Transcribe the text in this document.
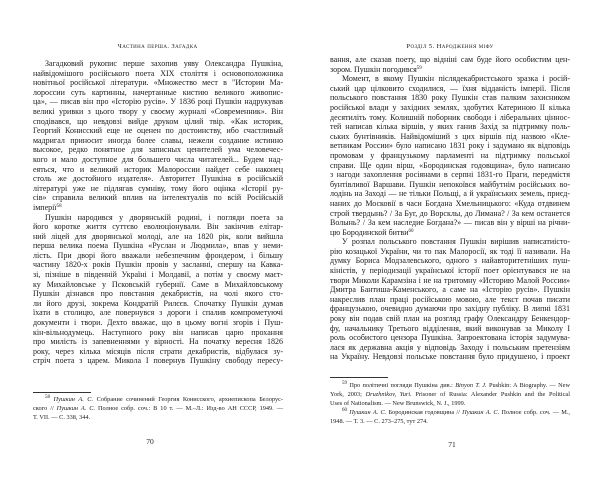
Частина перша. Загадка
Загадковий рукопис перше захопив уяву Олександра Пушкіна,
найвідомішого російського поета XIX століття і основоположника
новітньої російської літератури. «Множество мест в "Истории Ма-
лороссии суть картинны, начертанные кистию великого живопис-
ца», — писав він про «Історію русів». У 1836 році Пушкін надрукував
великі уривки з цього твору у своєму журналі «Современник». Він
сподівався, що невдовзі вийде друком цілий твір. «Как историк,
Георгий Конисский еще не оценен по достоинству, ибо счастливый
мадригал приносит иногда более славы, нежели создание истинно
высокое, редко понятное для записных ценителей ума человечес-
кого и мало доступное для большего числа читателей... Будем над-
еяться, что и великий историк Малороссии найдет себе наконец
столь же достойного издателя». Авторитет Пушкіна в російській
літературі уже не підлягав сумніву, тому його оцінка «Історії ру-
сів» справила великий вплив на інтелектуалів по всій Російській
імперії$^{58}$
Пушкін народився у дворянській родині, і погляди поета за
його коротке життя суттєво еволюціонували. Він закінчив елітар-
ний ліцей для дворянської молоді, але на 1820 рік, коли вийшла
перша велика поема Пушкіна «Руслан и Людмила», впав у неми-
лість. При дворі його вважали небезпечним фрондером, і більшу
частину 1820-х років Пушкін провів у засланні, спершу на Кавка-
зі, пізніше в південній Україні і Молдавії, а потім у своєму маєт-
ку Михайловське у Псковській губернії. Саме в Михайловському
Пушкін дізнався про повстання декабристів, на чолі якого сто-
ли його друзі, зокрема Кондратій Рилєєв. Спочатку Пушкін думав
їхати в столицю, але повернувся з дороги і спалив компрометуючі
документи і твори. Дехто вважає, що в цьому вогні згорів і Пуш-
кін-вільнодумець. Наступного року він написав царю прохання
про милість із запевненнями у вірності. На початку вересня 1826
року, через кілька місяців після страти декабристів, відбулася зу-
стріч поета з царем. Микола I повернув Пушкіну свободу пересу-
$^{58}$ Пушкин А. С. Собрание сочинений Георгия Конисского, архиепископа Белорус-
ского // Пушкин А. С. Полное собр. соч.: В 10 т. — М.–Л.: Изд-во АН СССР, 1949. —
Т. VII. — С. 338, 344.
70
Розділ 5. Народження міфу
вання, але сказав поету, що відніні сам буде його особистим цен-
зором. Пушкін погодився$^{59}$
Момент, в якому Пушкін післядекабристського зразка і росій-
ський цар цілковито сходилися, — їхня відданість імперії. Після
польського повстання 1830 року Пушкін став палким захисником
російської влади у західних землях, здобутих Катериною II кілька
десятиліть тому. Колишній поборник свободи і ліберальних ціннос-
тей написав кілька віршів, у яких ганив Захід за підтримку поль-
ських бунтівників. Найвідоміший з цих віршів під назвою «Кле-
ветникам России» було написано 1831 року і задумано як відповідь
промовам у французькому парламенті на підтримку польської
справи. Ще один вірш, «Бородинская годовщина», було написано
з нагоди захоплення росіянами в серпні 1831-го Праги, передмістя
бунтівливої Варшави. Пушкін непокоївся майбутнім російських во-
лодінь на Заході — не тільки Польщі, а й українських земель, приєд-
наних до Московії в часи Богдана Хмельницького: «Куда отдвинем
строй твердынь? / За Буг, до Ворсклы, до Лимана? / За кем останется
Волынь? / За кем наследие Богдана?» — писав він у вірші на річни-
цю Бородинской битви$^{60}$
У розпал польського повстання Пушкін вирішив написатиісто-
рію козацької України, чи то пак Малоросії, як тоді її називали. На
думку Бориса Модзалевського, одного з найавторитетніших пуш-
кіністів, у періодизації української історії поет орієнтувався не на
твори Миколи Карамзіна і не на тритомну «Историю Малой России»
Дмитра Бантиша-Каменського, а саме на «Історію русів». Пушкін
накреслив план праці російською мовою, але текст почав писати
французькою, очевидно думаючи про західну публіку. В липні 1831
року він подав свій план на розгляд графу Олександру Бенкендор-
фу, начальнику Третього відділення, який виконував за Миколу I
роль особистого цензора Пушкіна. Запроектована історія задумува-
лася як державна акція у відповідь Заходу і польським претензіям
на Україну. Невдовзі польське повстання було придушено, і проект
$^{59}$ Про політичні погляди Пушкіна див.: Binyon T. J. Pushkin: A Biography. — New
York, 2003; Druzhnikov, Yuri. Prisoner of Russia: Alexander Pushkin and the Political
Uses of Nationalism. — New Brunswick, N. J., 1999.
$^{60}$ Пушкин А. С. Бородинская годовщина // Пушкин А. С. Полное собр. соч. — М.,
1948. — Т. 3. — С. 273–275, тут 274.
71
